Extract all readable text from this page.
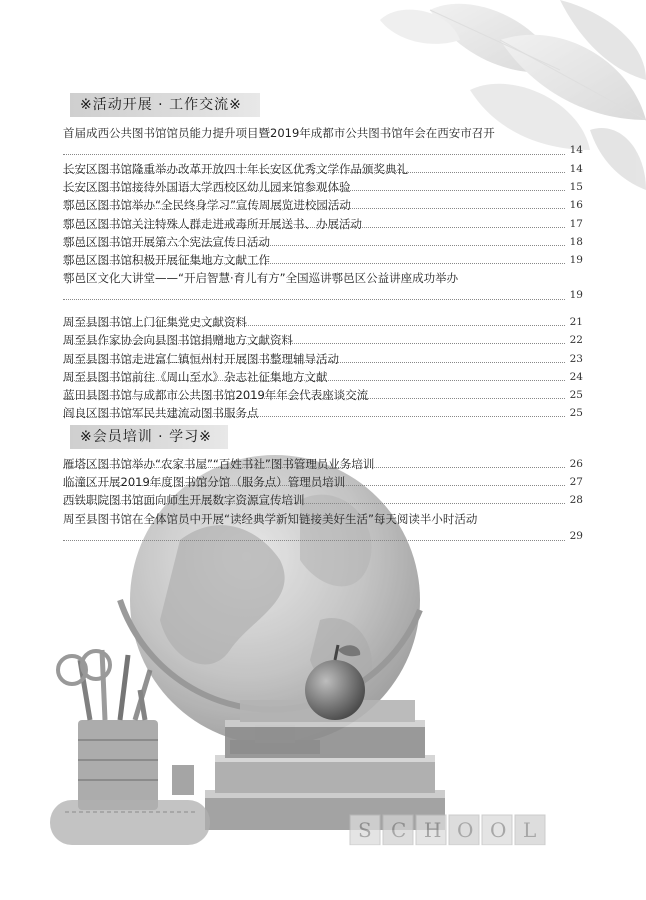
S C H O O L
※活动开展 · 工作交流※
首届成西公共图书馆馆员能力提升项目暨2019年成都市公共图书馆年会在西安市召开
14
长安区图书馆隆重举办改革开放四十年长安区优秀文学作品颁奖典礼	14
长安区图书馆接待外国语大学西校区幼儿园来馆参观体验	15
鄠邑区图书馆举办“全民终身学习”宣传周展览进校园活动	16
鄠邑区图书馆关注特殊人群走进戒毒所开展送书、办展活动	17
鄠邑区图书馆开展第六个宪法宣传日活动	18
鄠邑区图书馆积极开展征集地方文献工作	19
鄠邑区文化大讲堂——“开启智慧·育儿有方”全国巡讲鄠邑区公益讲座成功举办
19
周至县图书馆上门征集党史文献资料	21
周至县作家协会向县图书馆捐赠地方文献资料	22
周至县图书馆走进富仁镇恒州村开展图书整理辅导活动	23
周至县图书馆前往《周山至水》杂志社征集地方文献	24
蓝田县图书馆与成都市公共图书馆2019年年会代表座谈交流	25
阎良区图书馆军民共建流动图书服务点	25
※会员培训 · 学习※
雁塔区图书馆举办“农家书屋”“百姓书社”图书管理员业务培训	26
临潼区开展2019年度图书馆分馆（服务点）管理员培训	27
西铁职院图书馆面向师生开展数字资源宣传培训	28
周至县图书馆在全体馆员中开展“读经典学新知链接美好生活”每天阅读半小时活动
29
